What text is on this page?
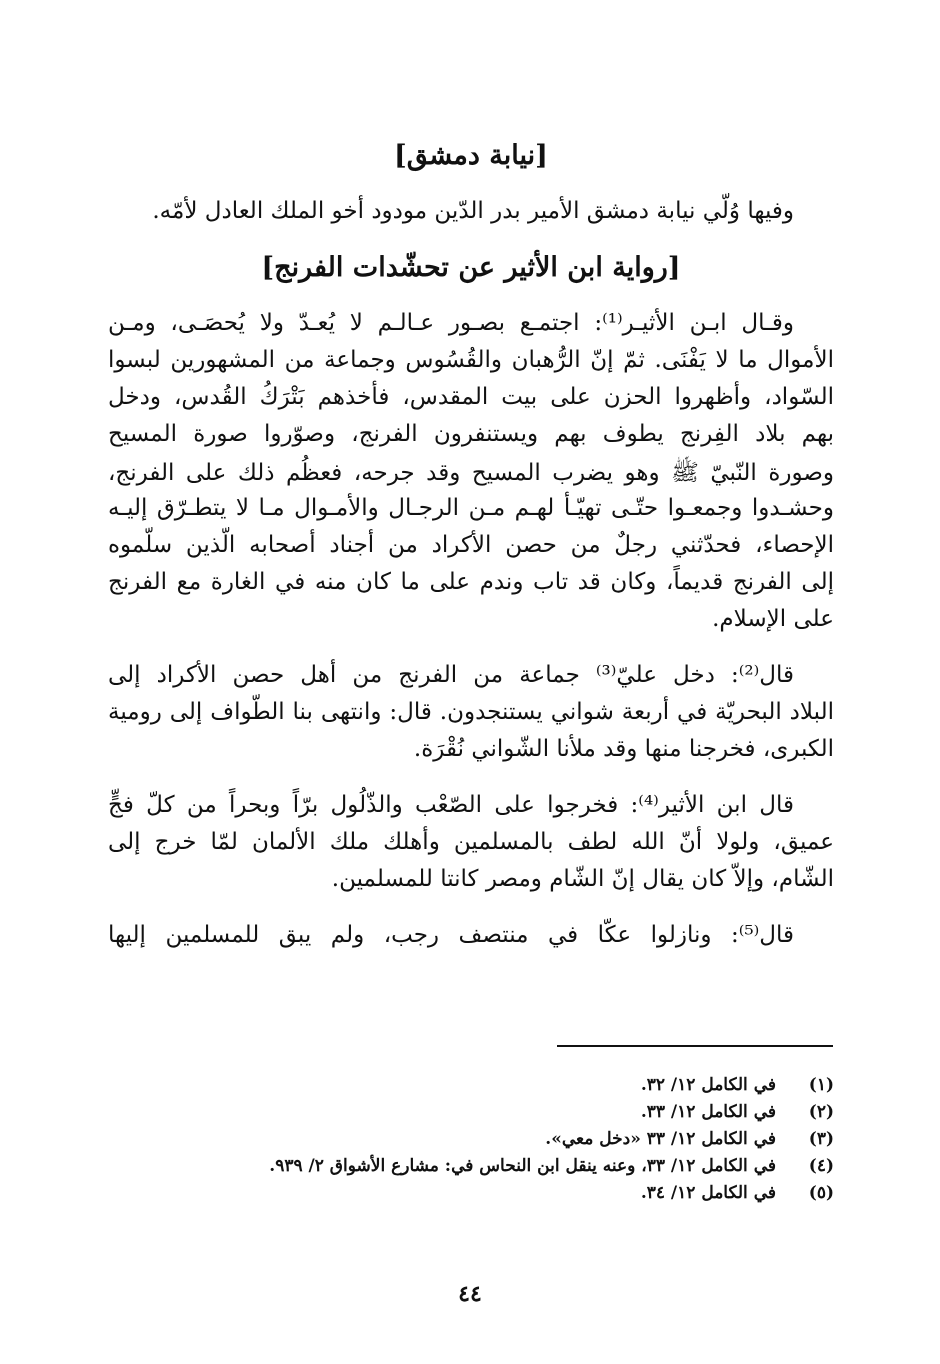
[نيابة دمشق]
وفيها وُلّي نيابة دمشق الأمير بدر الدّين مودود أخو الملك العادل لأمّه.
[رواية ابن الأثير عن تحشّدات الفرنج]
وقـال ابـن الأثيـر⁽¹⁾: اجتمـع بصـور عـالـم لا يُعـدّ ولا يُحصَـى، ومـن
الأموال ما لا يَفْنَى. ثمّ إنّ الرُّهبان والقُسُوس وجماعة من المشهورين لبسوا
السّواد، وأظهروا الحزن على بيت المقدس، فأخذهم بَتْرَكُ القُدس، ودخل
بهم بلاد الفِرنج يطوف بهم ويستنفرون الفرنج، وصوّروا صورة المسيح
وصورة النّبيّ ﷺ وهو يضرب المسيح وقد جرحه، فعظُم ذلك على الفرنج،
وحشـدوا وجمعـوا حتّـى تهيّـأ لهـم مـن الرجـال والأمـوال مـا لا يتطـرّق إليـه
الإحصاء، فحدّثني رجلٌ من حصن الأكراد من أجناد أصحابه الّذين سلّموه
إلى الفرنج قديماً، وكان قد تاب وندم على ما كان منه في الغارة مع الفرنج
على الإسلام.
قال⁽²⁾: دخل عليّ⁽³⁾ جماعة من الفرنج من أهل حصن الأكراد إلى
البلاد البحريّة في أربعة شواني يستنجدون. قال: وانتهى بنا الطّواف إلى رومية
الكبرى، فخرجنا منها وقد ملأنا الشّواني نُقْرَة.
قال ابن الأثير⁽⁴⁾: فخرجوا على الصّعْب والذّلُول برّاً وبحراً من كلّ فجٍّ
عميق، ولولا أنّ الله لطف بالمسلمين وأهلك ملك الألمان لمّا خرج إلى
الشّام، وإلاّ كان يقال إنّ الشّام ومصر كانتا للمسلمين.
قال⁽⁵⁾: ونازلوا عكّا في منتصف رجب، ولم يبق للمسلمين إليها
(١)في الكامل ١٢/ ٣٢.
(٢)في الكامل ١٢/ ٣٣.
(٣)في الكامل ١٢/ ٣٣ «دخل معي».
(٤)في الكامل ١٢/ ٣٣، وعنه ينقل ابن النحاس في: مشارع الأشواق ٢/ ٩٣٩.
(٥)في الكامل ١٢/ ٣٤.
٤٤
